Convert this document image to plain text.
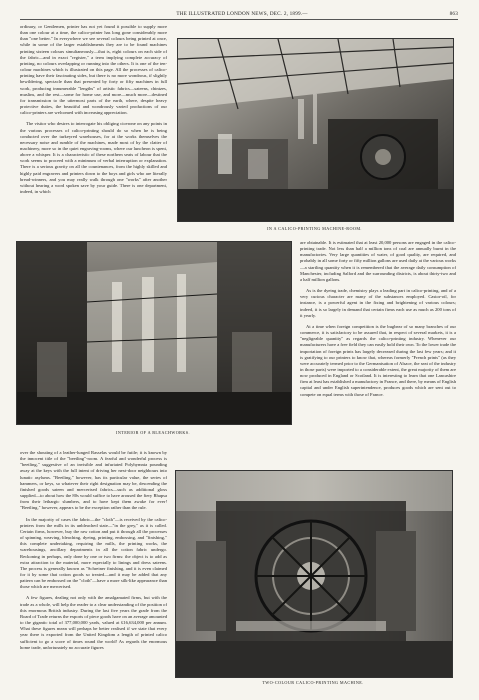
THE ILLUSTRATED LONDON NEWS, DEC. 2, 1899.—	863

ordinary, or Gentlemen, printer has not yet found it possible to supply more than one colour at a time, the calico-printer has long gone considerably more than "one better." In everywhere we see several colours being printed at once, while in some of the larger establishments they are to be found machines printing sixteen colours simultaneously—that is, eight colours on each side of the fabric—and in exact "register," a term implying complete accuracy of printing, no colours overlapping or running into the others. It is one of the ten-colour machines which is illustrated on this page. All the processes of calico-printing have their fascinating sides, but there is no more wondrous, if slightly bewildering, spectacle than that presented by forty or fifty machines in full work, producing innumerable "lengths" of artistic fabrics—sateens, chintzes, muslins, and the rest—some for home use, and more—much more—destined for transmission to the uttermost parts of the earth, where, despite heavy protective duties, the beautiful and wondrously varied productions of our calico-printers are welcomed with increasing appreciation.

The visitor who desires to interrogate his obliging cicerone on any points in the various processes of calico-printing should do so when he is being conducted over the turkeyred warehouses, for at the works themselves the necessary noise and rumble of the machines, made most of by the clatter of machinery, more so in the quiet engraving-rooms, where our luncheon is spent, above a whisper. It is a characteristic of these northern seats of labour that the work seems to proceed with a minimum of verbal interruption or explanation. There is a serious gravity on all the countenances, from the highly skilled and highly paid engravers and printers down to the boys and girls who are literally bread-winners, and you may really walk through one "works" after another without hearing a word spoken save by your guide. There is one department, indeed, in which

IN A CALICO-PRINTING MACHINE-ROOM.
INTERIOR OF A BLEACHWORKS.

are obtainable. It is estimated that at least 20,000 persons are engaged in the calico-printing trade. Not less than half a million tons of coal are annually burnt in the manufactories. Very large quantities of water, of good quality, are required, and probably in all some forty or fifty million gallons are used daily at the various works—a startling quantity when it is remembered that the average daily consumption of Manchester, including Salford and the surrounding districts, is about thirty-two and a half million gallons.

As is the dyeing trade, chemistry plays a leading part in calico-printing, and of a very curious character are many of the substances employed. Castor-oil, for instance, is a powerful agent in the fixing and brightening of various colours; indeed, it is so largely in demand that certain firms each use as much as 200 tons of it yearly.

At a time when foreign competition is the bugbear of so many branches of our commerce, it is satisfactory to be assured that, in respect of several markets, it is a "negligeable quantity" as regards the calico-printing industry. Whenever our manufacturers have a free field they can easily hold their own. To the lower trade the importation of foreign prints has largely decreased during the last few years; and it is gratifying to our printers to know that, whereas formerly "French prints" (as they were accurately termed prior to the Germanisation of Alsace, the seat of the industry in those parts) were imported to a considerable extent, the great majority of them are now produced in England or Scotland. It is interesting to learn that one Lancashire firm at least has established a manufactory in France, and there, by means of English capital and under English superintendence, produces goods which are sent out to compete on equal terms with those of France.

over the shouting of a leather-lunged Rasselas would be futile; it is known by the innocent title of the "beetling"-room. A fearful and wonderful process is "beetling," suggestive of an invisible and infuriated Polyhymnia pounding away at the keys with the full intent of driving her next-door neighbours into lunatic asylums. "Beetling," however, has its particular value, the series of hammers, or keys, so whatever their right designation may be, descending the finished goods sateen and mercerised fabrics—such as additional gloss supplied—to about how the 80s would suffice to have aroused the fiery Rhapsa from their lethargic slumbers, and to have kept them awake for ever! "Beetling," however, appears to be the exception rather than the rule.

In the majority of cases the fabric—the "cloth"—is received by the calico-printers from the mills in its unbleached state—"in the grey," as it is called. Certain firms, however, buy the raw cotton and put it through all the processes of spinning, weaving, bleaching, dyeing, printing, embossing, and "finishing," this complete undertaking, requiring the mills, the printing works, the warehousings, ancillary departments in all the cotton fabric undergo. Reckoning in perhaps, only done by one or two firms: the object is to add as extra attraction to the material, more especially to linings and dress sateens. The process is generally known as "Schreiner finishing, and it is even claimed for it by some that cotton goods so treated—and it may be added that any pattern can be embossed on the "cloth"—have a more silk-like appearance than those which are mercerised.

A few figures, dealing not only with the amalgamated firms, but with the trade as a whole, will help the reader to a clear understanding of the position of this enormous British industry. During the last five years the grade from the Board of Trade returns the exports of piece goods have on an average amounted to the gigantic total of 377,000,000 yards, valued at £16,634,000 per annum. What these figures mean will perhaps be better realised if we state that every year there is exported from the United Kingdom a length of printed calico sufficient to go a score of times round the world! As regards the enormous home trade, unfortunately no accurate figures

TWO-COLOUR CALICO-PRINTING MACHINE.
